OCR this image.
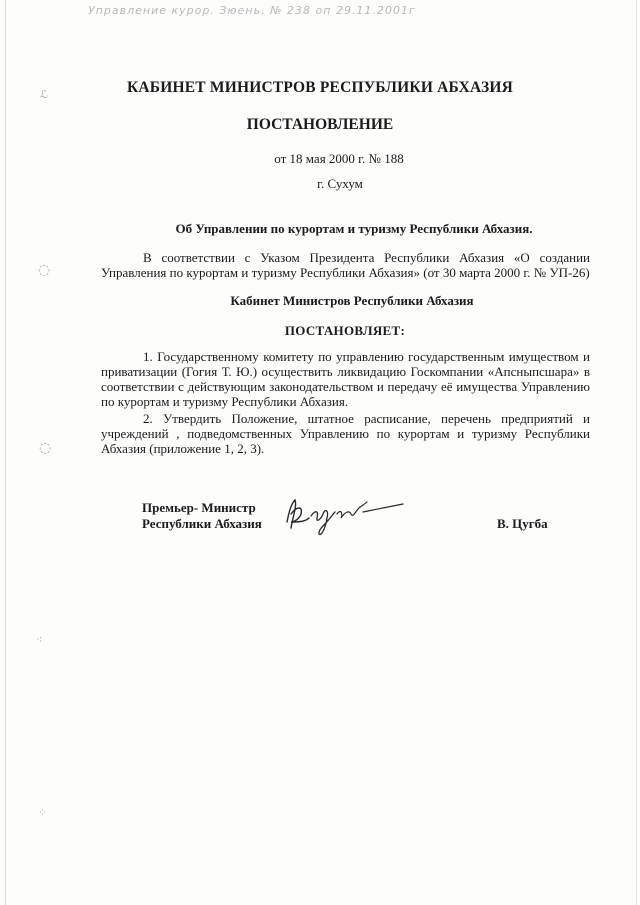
Управление курор. Зюень. № 238 оп 29.11.2001г
ℒ
◌
◌
⁖
⁘
КАБИНЕТ МИНИСТРОВ РЕСПУБЛИКИ АБХАЗИЯ
ПОСТАНОВЛЕНИЕ
от 18 мая 2000 г. № 188
г. Сухум
Об Управлении по курортам и туризму Республики Абхазия.
В соответствии с Указом Президента Республики Абхазия «О создании Управления по курортам и туризму Республики Абхазия» (от 30 марта 2000 г. № УП-26)
Кабинет Министров Республики Абхазия
ПОСТАНОВЛЯЕТ:
1. Государственному комитету по управлению государственным имуществом и приватизации (Гогия Т. Ю.) осуществить ликвидацию Госкомпании «Апсныпсшара» в соответствии с действующим законодательством и передачу её имущества Управлению по курортам и туризму Республики Абхазия.
2. Утвердить Положение, штатное расписание, перечень предприятий и учреждений , подведомственных Управлению по курортам и туризму Республики Абхазия (приложение 1, 2, 3).
Премьер- Министр
Республики Абхазия	В. Цугба
